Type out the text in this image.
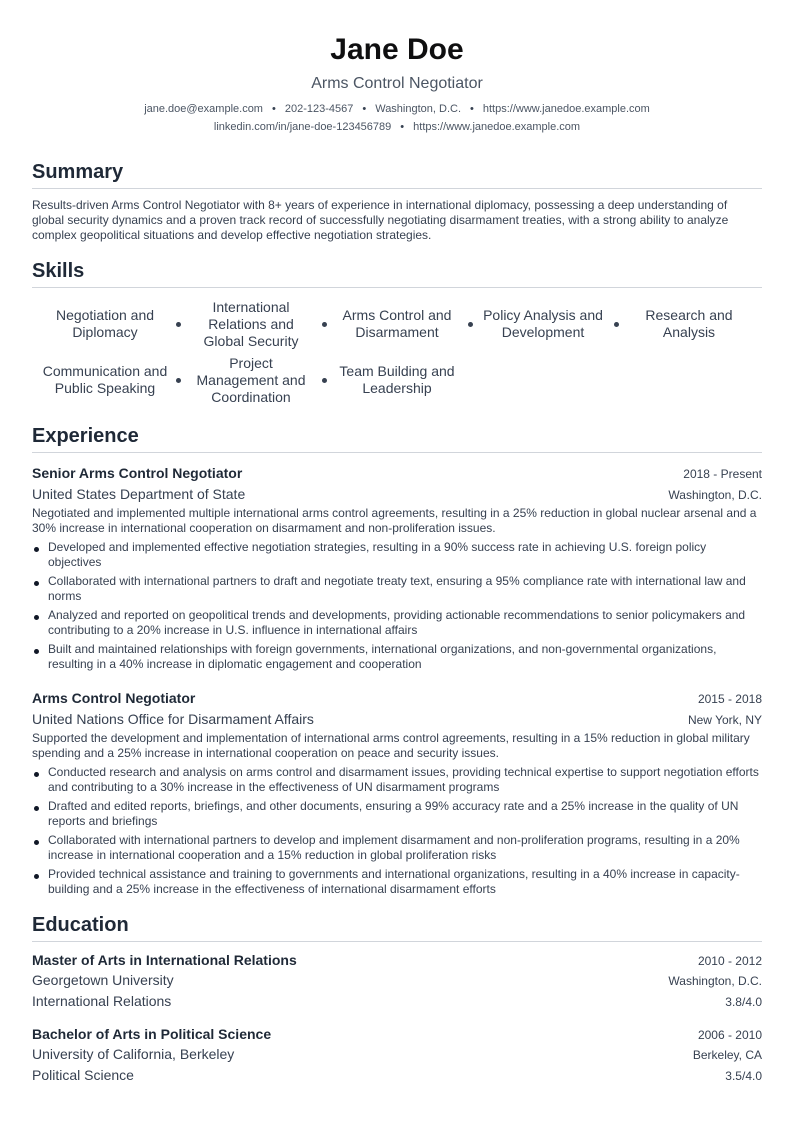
Jane Doe
Arms Control Negotiator
jane.doe@example.com • 202-123-4567 • Washington, D.C. • https://www.janedoe.example.com
linkedin.com/in/jane-doe-123456789 • https://www.janedoe.example.com
Summary

Results-driven Arms Control Negotiator with 8+ years of experience in international diplomacy, possessing a deep understanding of global security dynamics and a proven track record of successfully negotiating disarmament treaties, with a strong ability to analyze complex geopolitical situations and develop effective negotiation strategies.

Skills
Negotiation and Diplomacy
International Relations and Global Security
Arms Control and Disarmament
Policy Analysis and Development
Research and Analysis
Communication and Public Speaking
Project Management and Coordination
Team Building and Leadership
Experience
Senior Arms Control Negotiator	2018 - Present
United States Department of State	Washington, D.C.

Negotiated and implemented multiple international arms control agreements, resulting in a 25% reduction in global nuclear arsenal and a 30% increase in international cooperation on disarmament and non-proliferation issues.

Developed and implemented effective negotiation strategies, resulting in a 90% success rate in achieving U.S. foreign policy objectives
Collaborated with international partners to draft and negotiate treaty text, ensuring a 95% compliance rate with international law and norms
Analyzed and reported on geopolitical trends and developments, providing actionable recommendations to senior policymakers and contributing to a 20% increase in U.S. influence in international affairs
Built and maintained relationships with foreign governments, international organizations, and non-governmental organizations, resulting in a 40% increase in diplomatic engagement and cooperation
Arms Control Negotiator	2015 - 2018
United Nations Office for Disarmament Affairs	New York, NY

Supported the development and implementation of international arms control agreements, resulting in a 15% reduction in global military spending and a 25% increase in international cooperation on peace and security issues.

Conducted research and analysis on arms control and disarmament issues, providing technical expertise to support negotiation efforts and contributing to a 30% increase in the effectiveness of UN disarmament programs
Drafted and edited reports, briefings, and other documents, ensuring a 99% accuracy rate and a 25% increase in the quality of UN reports and briefings
Collaborated with international partners to develop and implement disarmament and non-proliferation programs, resulting in a 20% increase in international cooperation and a 15% reduction in global proliferation risks
Provided technical assistance and training to governments and international organizations, resulting in a 40% increase in capacity-building and a 25% increase in the effectiveness of international disarmament efforts
Education
Master of Arts in International Relations	2010 - 2012
Georgetown University	Washington, D.C.
International Relations	3.8/4.0
Bachelor of Arts in Political Science	2006 - 2010
University of California, Berkeley	Berkeley, CA
Political Science	3.5/4.0
